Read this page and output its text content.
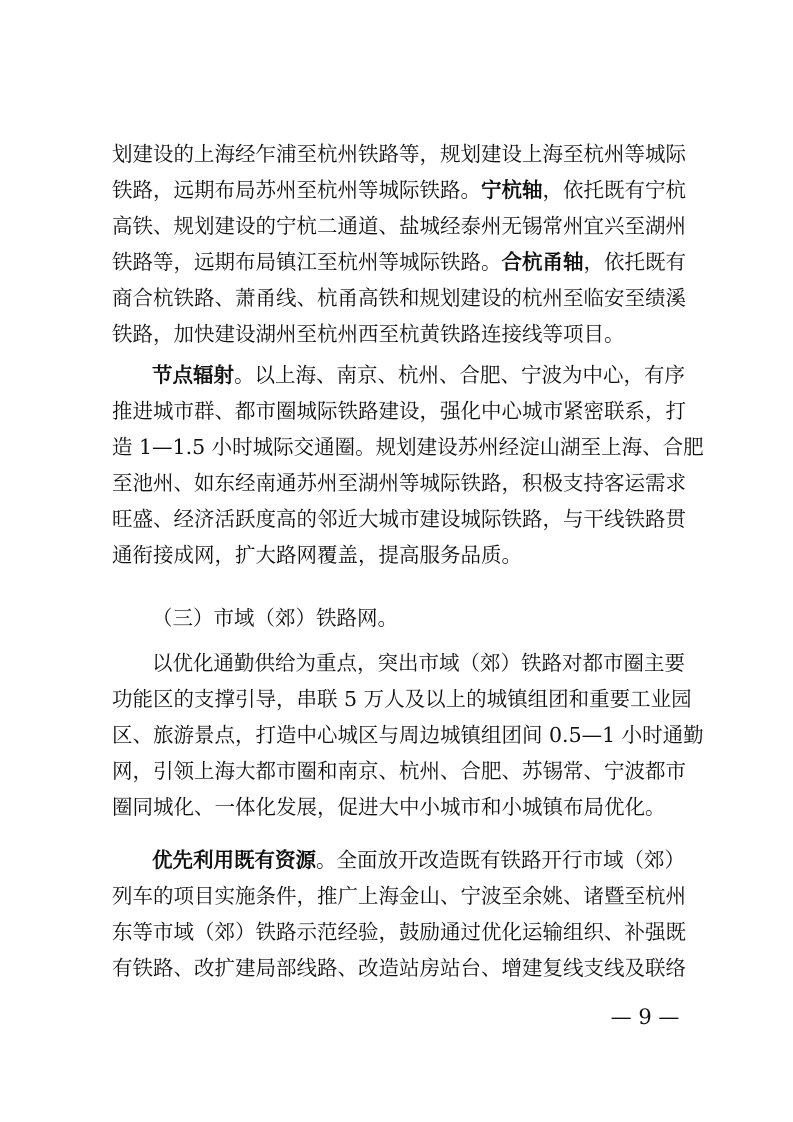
划建设的上海经乍浦至杭州铁路等，规划建设上海至杭州等城际
铁路，远期布局苏州至杭州等城际铁路。宁杭轴，依托既有宁杭
高铁、规划建设的宁杭二通道、盐城经泰州无锡常州宜兴至湖州
铁路等，远期布局镇江至杭州等城际铁路。合杭甬轴，依托既有
商合杭铁路、萧甬线、杭甬高铁和规划建设的杭州至临安至绩溪
铁路，加快建设湖州至杭州西至杭黄铁路连接线等项目。
节点辐射。以上海、南京、杭州、合肥、宁波为中心，有序
推进城市群、都市圈城际铁路建设，强化中心城市紧密联系，打
造 1—1.5 小时城际交通圈。规划建设苏州经淀山湖至上海、合肥
至池州、如东经南通苏州至湖州等城际铁路，积极支持客运需求
旺盛、经济活跃度高的邻近大城市建设城际铁路，与干线铁路贯
通衔接成网，扩大路网覆盖，提高服务品质。
（三）市域（郊）铁路网。
以优化通勤供给为重点，突出市域（郊）铁路对都市圈主要
功能区的支撑引导，串联 5 万人及以上的城镇组团和重要工业园
区、旅游景点，打造中心城区与周边城镇组团间 0.5—1 小时通勤
网，引领上海大都市圈和南京、杭州、合肥、苏锡常、宁波都市
圈同城化、一体化发展，促进大中小城市和小城镇布局优化。
优先利用既有资源。全面放开改造既有铁路开行市域（郊）
列车的项目实施条件，推广上海金山、宁波至余姚、诸暨至杭州
东等市域（郊）铁路示范经验，鼓励通过优化运输组织、补强既
有铁路、改扩建局部线路、改造站房站台、增建复线支线及联络
— 9 —
